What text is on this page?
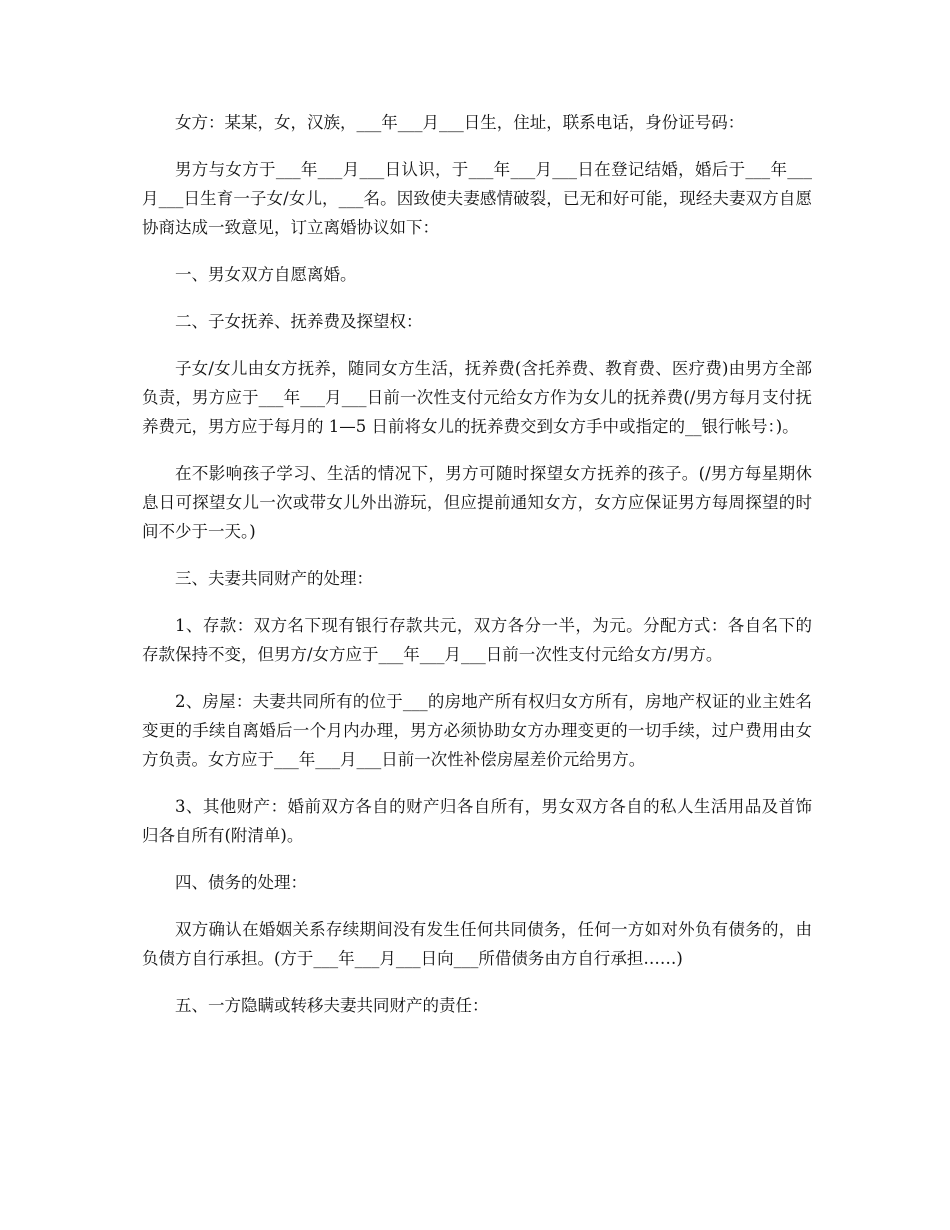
女方：某某，女，汉族，___年___月___日生，住址，联系电话，身份证号码：

男方与女方于___年___月___日认识，于___年___月___日在登记结婚，婚后于___年___月___日生育一子女/女儿，___名。因致使夫妻感情破裂，已无和好可能，现经夫妻双方自愿协商达成一致意见，订立离婚协议如下：

一、男女双方自愿离婚。

二、子女抚养、抚养费及探望权：

子女/女儿由女方抚养，随同女方生活，抚养费(含托养费、教育费、医疗费)由男方全部负责，男方应于___年___月___日前一次性支付元给女方作为女儿的抚养费(/男方每月支付抚养费元，男方应于每月的 1—5 日前将女儿的抚养费交到女方手中或指定的__银行帐号：)。

在不影响孩子学习、生活的情况下，男方可随时探望女方抚养的孩子。(/男方每星期休息日可探望女儿一次或带女儿外出游玩，但应提前通知女方，女方应保证男方每周探望的时间不少于一天。)

三、夫妻共同财产的处理：

1、存款：双方名下现有银行存款共元，双方各分一半，为元。分配方式：各自名下的存款保持不变，但男方/女方应于___年___月___日前一次性支付元给女方/男方。

2、房屋：夫妻共同所有的位于___的房地产所有权归女方所有，房地产权证的业主姓名变更的手续自离婚后一个月内办理，男方必须协助女方办理变更的一切手续，过户费用由女方负责。女方应于___年___月___日前一次性补偿房屋差价元给男方。

3、其他财产：婚前双方各自的财产归各自所有，男女双方各自的私人生活用品及首饰归各自所有(附清单)。

四、债务的处理：

双方确认在婚姻关系存续期间没有发生任何共同债务，任何一方如对外负有债务的，由负债方自行承担。(方于___年___月___日向___所借债务由方自行承担……)

五、一方隐瞒或转移夫妻共同财产的责任：
